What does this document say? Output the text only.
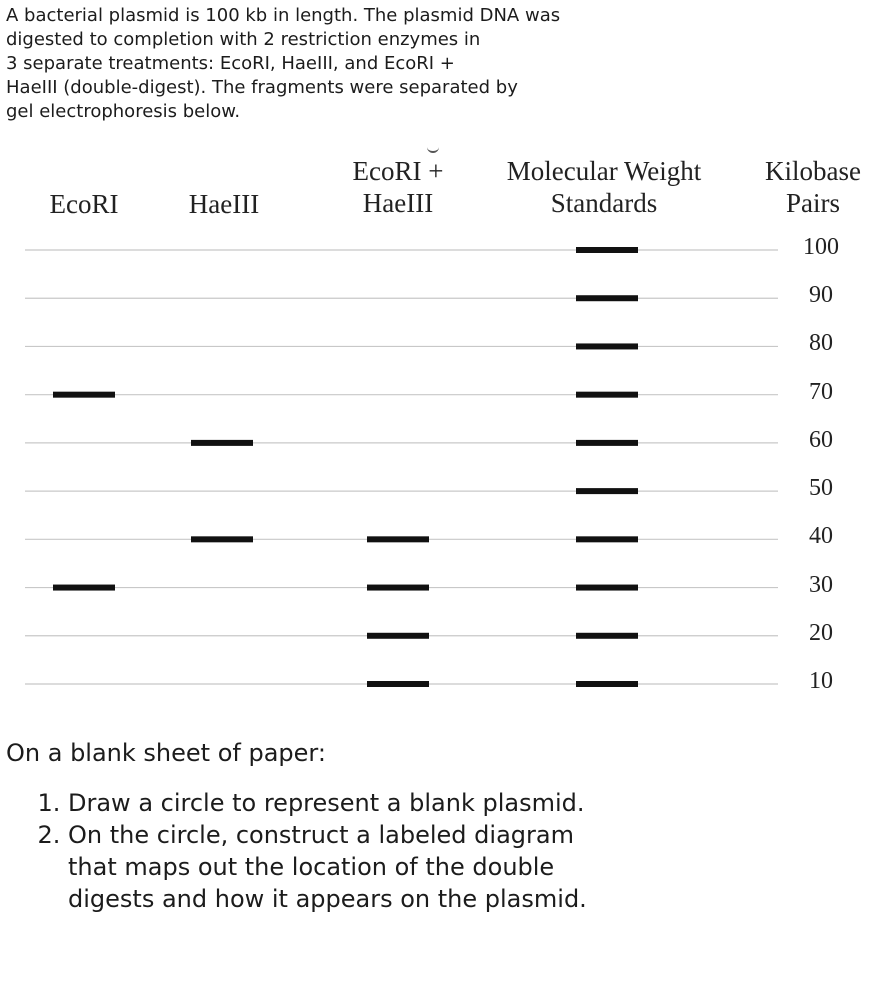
A bacterial plasmid is 100 kb in length. The plasmid DNA was
digested to completion with 2 restriction enzymes in
3 separate treatments: EcoRI, HaeIII, and EcoRI +
HaeIII (double-digest). The fragments were separated by
gel electrophoresis below.
EcoRI	HaeIII
EcoRI +
HaeIII
Molecular Weight
Standards
Kilobase
Pairs
100
90
80
70
60
50
40
30
20
10
On a blank sheet of paper:
1. Draw a circle to represent a blank plasmid.
2. On the circle, construct a labeled diagram that maps out the location of the double digests and how it appears on the plasmid.
